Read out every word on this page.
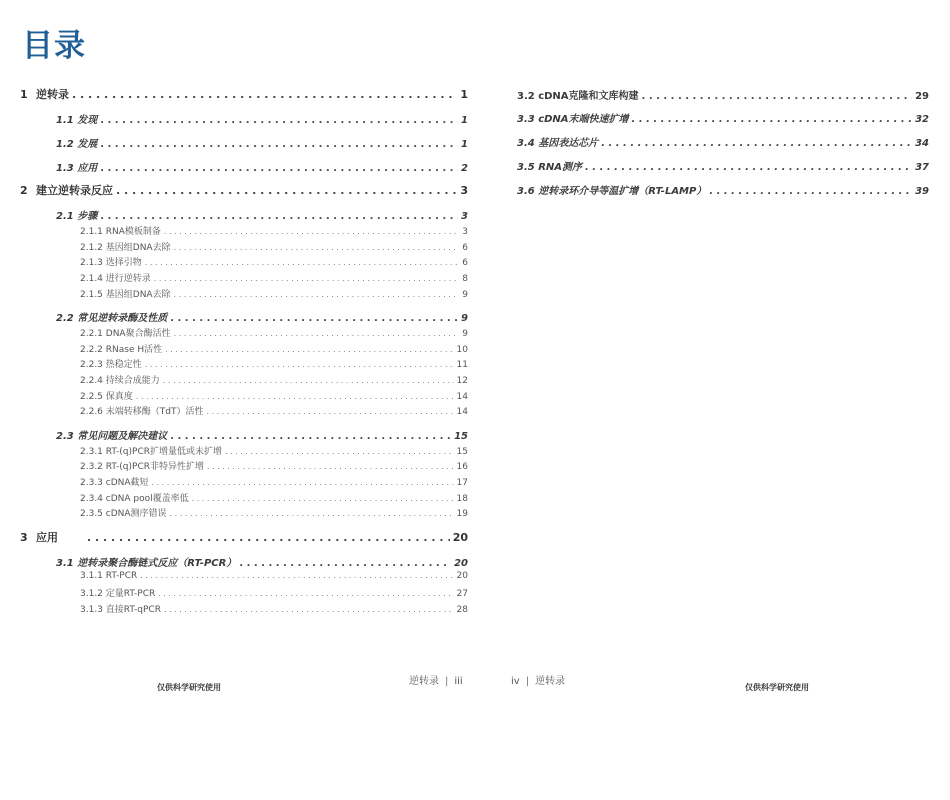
目录
1 逆转录 . . .	1
1.1 发现 . . .	1
1.2 发展 . . .	1
1.3 应用 . . .	2
2 建立逆转录反应 . . .	3
2.1 步骤 . . .	3
2.1.1 RNA模板制备 . . .	3
2.1.2 基因组DNA去除 . . .	6
2.1.3 选择引物 . . .	6
2.1.4 进行逆转录 . . .	8
2.1.5 基因组DNA去除 . . .	9
2.2 常见逆转录酶及性质 . . .	9
2.2.1 DNA聚合酶活性 . . .	9
2.2.2 RNase H活性 . . .	10
2.2.3 热稳定性 . . .	11
2.2.4 持续合成能力 . . .	12
2.2.5 保真度 . . .	14
2.2.6 末端转移酶（TdT）活性 . . .	14
2.3 常见问题及解决建议 . . .	15
2.3.1 RT-(q)PCR扩增量低或未扩增 . . .	15
2.3.2 RT-(q)PCR非特异性扩增 . . .	16
2.3.3 cDNA截短 . . .	17
2.3.4 cDNA pool覆盖率低 . . .	18
2.3.5 cDNA测序错误 . . .	19
3 应用 . . .	20
3.1 逆转录聚合酶链式反应（RT-PCR） . . .	20
3.1.1 RT-PCR . . .	20
3.1.2 定量RT-PCR . . .	27
3.1.3 直接RT-qPCR . . .	28
3.2 cDNA克隆和文库构建 . . .	29
3.3 cDNA末端快速扩增 . . .	32
3.4 基因表达芯片 . . .	34
3.5 RNA测序 . . .	37
3.6 逆转录环介导等温扩增（RT-LAMP） . . .	39
逆转录 | iii	iv | 逆转录
仅供科学研究使用	仅供科学研究使用
